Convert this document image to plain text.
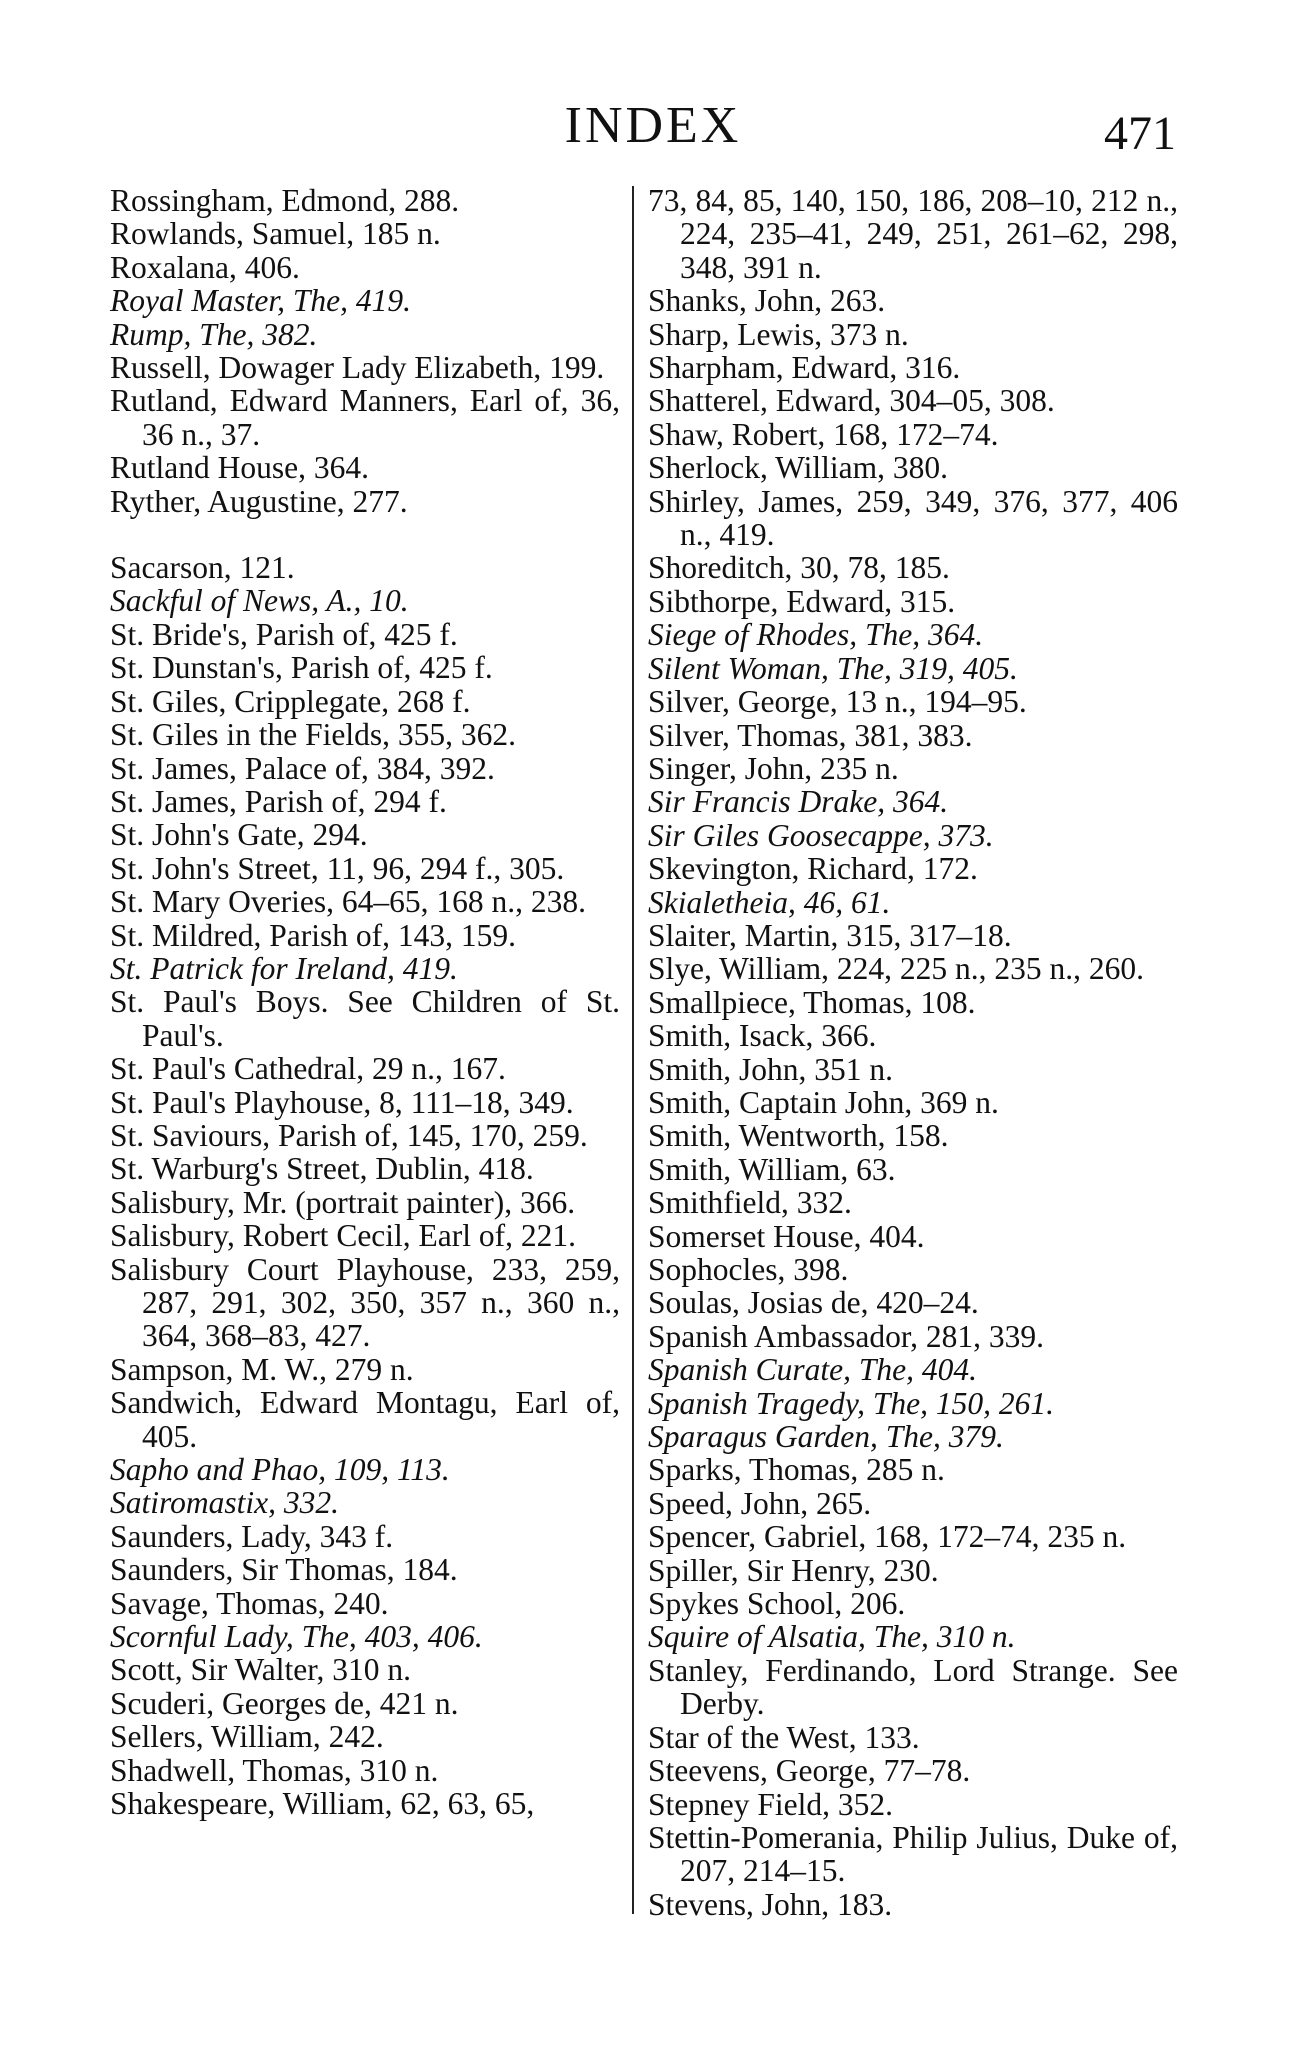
INDEX	471

Rossingham, Edmond, 288.

Rowlands, Samuel, 185 n.

Roxalana, 406.

Royal Master, The, 419.

Rump, The, 382.

Russell, Dowager Lady Elizabeth, 199.

Rutland, Edward Manners, Earl of, 36, 36 n., 37.

Rutland House, 364.

Ryther, Augustine, 277.

Sacarson, 121.

Sackful of News, A., 10.

St. Bride's, Parish of, 425 f.

St. Dunstan's, Parish of, 425 f.

St. Giles, Cripplegate, 268 f.

St. Giles in the Fields, 355, 362.

St. James, Palace of, 384, 392.

St. James, Parish of, 294 f.

St. John's Gate, 294.

St. John's Street, 11, 96, 294 f., 305.

St. Mary Overies, 64–65, 168 n., 238.

St. Mildred, Parish of, 143, 159.

St. Patrick for Ireland, 419.

St. Paul's Boys. See Children of St. Paul's.

St. Paul's Cathedral, 29 n., 167.

St. Paul's Playhouse, 8, 111–18, 349.

St. Saviours, Parish of, 145, 170, 259.

St. Warburg's Street, Dublin, 418.

Salisbury, Mr. (portrait painter), 366.

Salisbury, Robert Cecil, Earl of, 221.

Salisbury Court Playhouse, 233, 259, 287, 291, 302, 350, 357 n., 360 n., 364, 368–83, 427.

Sampson, M. W., 279 n.

Sandwich, Edward Montagu, Earl of, 405.

Sapho and Phao, 109, 113.

Satiromastix, 332.

Saunders, Lady, 343 f.

Saunders, Sir Thomas, 184.

Savage, Thomas, 240.

Scornful Lady, The, 403, 406.

Scott, Sir Walter, 310 n.

Scuderi, Georges de, 421 n.

Sellers, William, 242.

Shadwell, Thomas, 310 n.

Shakespeare, William, 62, 63, 65,

73, 84, 85, 140, 150, 186, 208–10, 212 n., 224, 235–41, 249, 251, 261–62, 298, 348, 391 n.

Shanks, John, 263.

Sharp, Lewis, 373 n.

Sharpham, Edward, 316.

Shatterel, Edward, 304–05, 308.

Shaw, Robert, 168, 172–74.

Sherlock, William, 380.

Shirley, James, 259, 349, 376, 377, 406 n., 419.

Shoreditch, 30, 78, 185.

Sibthorpe, Edward, 315.

Siege of Rhodes, The, 364.

Silent Woman, The, 319, 405.

Silver, George, 13 n., 194–95.

Silver, Thomas, 381, 383.

Singer, John, 235 n.

Sir Francis Drake, 364.

Sir Giles Goosecappe, 373.

Skevington, Richard, 172.

Skialetheia, 46, 61.

Slaiter, Martin, 315, 317–18.

Slye, William, 224, 225 n., 235 n., 260.

Smallpiece, Thomas, 108.

Smith, Isack, 366.

Smith, John, 351 n.

Smith, Captain John, 369 n.

Smith, Wentworth, 158.

Smith, William, 63.

Smithfield, 332.

Somerset House, 404.

Sophocles, 398.

Soulas, Josias de, 420–24.

Spanish Ambassador, 281, 339.

Spanish Curate, The, 404.

Spanish Tragedy, The, 150, 261.

Sparagus Garden, The, 379.

Sparks, Thomas, 285 n.

Speed, John, 265.

Spencer, Gabriel, 168, 172–74, 235 n.

Spiller, Sir Henry, 230.

Spykes School, 206.

Squire of Alsatia, The, 310 n.

Stanley, Ferdinando, Lord Strange. See Derby.

Star of the West, 133.

Steevens, George, 77–78.

Stepney Field, 352.

Stettin-Pomerania, Philip Julius, Duke of, 207, 214–15.

Stevens, John, 183.
